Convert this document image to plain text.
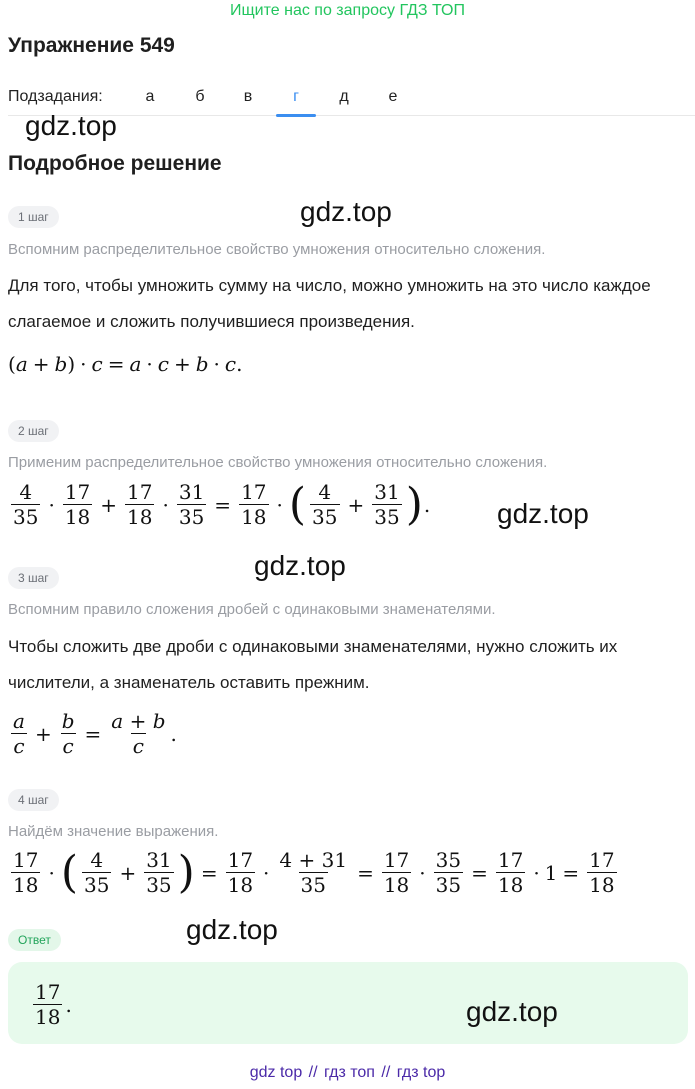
Ищите нас по запросу ГДЗ ТОП
Упражнение 549
Подзадания:	а	б	в	г	д	е
gdz.top
Подробное решение
gdz.top
1 шаг
Вспомним распределительное свойство умножения относительно сложения.
Для того, чтобы умножить сумму на число, можно умножить на это число каждое слагаемое и сложить получившиеся произведения.
( a + b ) · c = a · c + b · c .
2 шаг
Применим распределительное свойство умножения относительно сложения.
$\frac{4}{35} \cdot \frac{17}{18} + \frac{17}{18} \cdot \frac{31}{35} = \frac{17}{18}$ · ( $\frac{4}{35} + \frac{31}{35}$ ) . gdz.top
gdz.top
3 шаг
Вспомним правило сложения дробей с одинаковыми знаменателями.
Чтобы сложить две дроби с одинаковыми знаменателями, нужно сложить их числители, а знаменатель оставить прежним.
$\frac{a}{c} + \frac{b}{c} = \frac{a + b}{c}$ .
4 шаг
Найдём значение выражения.
$\frac{17}{18}$ · ( $\frac{4}{35} + \frac{31}{35}$ ) = $\frac{17}{18} \cdot \frac{4 + 31}{35} = \frac{17}{18} \cdot \frac{35}{35} = \frac{17}{18} \cdot 1 = \frac{17}{18}$
gdz.top
Ответ
$\frac{17}{18}$ .	gdz.top
gdz top // гдз топ // гдз top
